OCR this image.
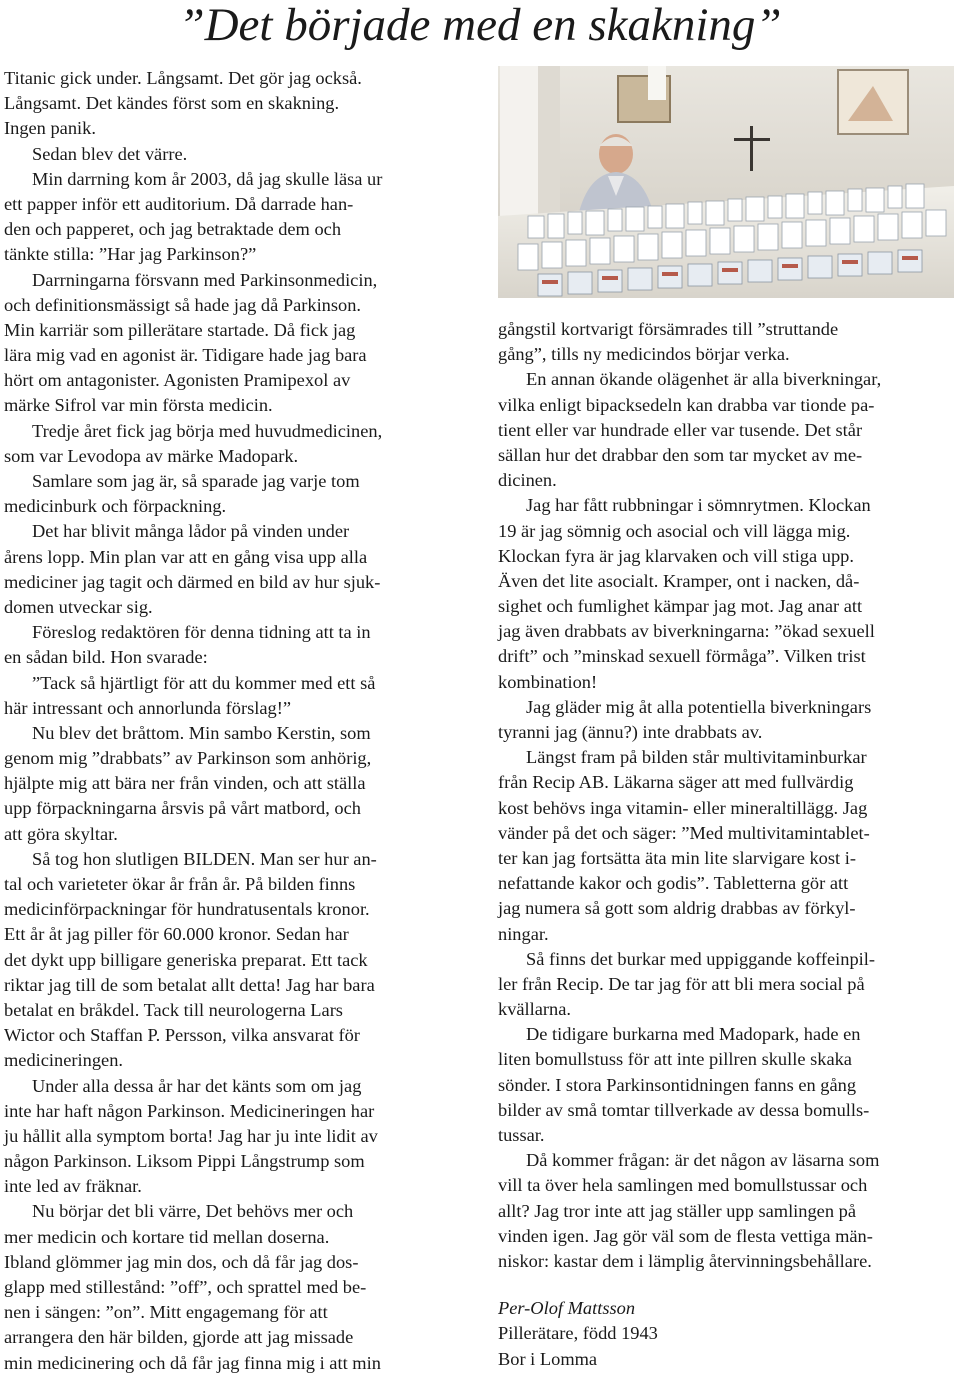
”Det började med en skakning”
Titanic gick under. Långsamt. Det gör jag också.
Långsamt. Det kändes först som en skakning.
Ingen panik.
Sedan blev det värre.
Min darrning kom år 2003, då jag skulle läsa ur
ett papper inför ett auditorium. Då darrade han-
den och papperet, och jag betraktade dem och
tänkte stilla: ”Har jag Parkinson?”
Darrningarna försvann med Parkinsonmedicin,
och definitionsmässigt så hade jag då Parkinson.
Min karriär som pillerätare startade. Då fick jag
lära mig vad en agonist är. Tidigare hade jag bara
hört om antagonister. Agonisten Pramipexol av
märke Sifrol var min första medicin.
Tredje året fick jag börja med huvudmedicinen,
som var Levodopa av märke Madopark.
Samlare som jag är, så sparade jag varje tom
medicinburk och förpackning.
Det har blivit många lådor på vinden under
årens lopp. Min plan var att en gång visa upp alla
mediciner jag tagit och därmed en bild av hur sjuk-
domen utveckar sig.
Föreslog redaktören för denna tidning att ta in
en sådan bild. Hon svarade:
”Tack så hjärtligt för att du kommer med ett så
här intressant och annorlunda förslag!”
Nu blev det bråttom. Min sambo Kerstin, som
genom mig ”drabbats” av Parkinson som anhörig,
hjälpte mig att bära ner från vinden, och att ställa
upp förpackningarna årsvis på vårt matbord, och
att göra skyltar.
Så tog hon slutligen BILDEN. Man ser hur an-
tal och varieteter ökar år från år. På bilden finns
medicinförpackningar för hundratusentals kronor.
Ett år åt jag piller för 60.000 kronor. Sedan har
det dykt upp billigare generiska preparat. Ett tack
riktar jag till de som betalat allt detta! Jag har bara
betalat en bråkdel. Tack till neurologerna Lars
Wictor och Staffan P. Persson, vilka ansvarat för
medicineringen.
Under alla dessa år har det känts som om jag
inte har haft någon Parkinson. Medicineringen har
ju hållit alla symptom borta! Jag har ju inte lidit av
någon Parkinson. Liksom Pippi Långstrump som
inte led av fräknar.
Nu börjar det bli värre, Det behövs mer och
mer medicin och kortare tid mellan doserna.
Ibland glömmer jag min dos, och då får jag dos-
glapp med stillestånd: ”off”, och sprattel med be-
nen i sängen: ”on”. Mitt engagemang för att
arrangera den här bilden, gjorde att jag missade
min medicinering och då får jag finna mig i att min
gångstil kortvarigt försämrades till ”struttande
gång”, tills ny medicindos börjar verka.
En annan ökande olägenhet är alla biverkningar,
vilka enligt bipacksedeln kan drabba var tionde pa-
tient eller var hundrade eller var tusende. Det står
sällan hur det drabbar den som tar mycket av me-
dicinen.
Jag har fått rubbningar i sömnrytmen. Klockan
19 är jag sömnig och asocial och vill lägga mig.
Klockan fyra är jag klarvaken och vill stiga upp.
Även det lite asocialt. Kramper, ont i nacken, då-
sighet och fumlighet kämpar jag mot. Jag anar att
jag även drabbats av biverkningarna: ”ökad sexuell
drift” och ”minskad sexuell förmåga”. Vilken trist
kombination!
Jag gläder mig åt alla potentiella biverkningars
tyranni jag (ännu?) inte drabbats av.
Längst fram på bilden står multivitaminburkar
från Recip AB. Läkarna säger att med fullvärdig
kost behövs inga vitamin- eller mineraltillägg. Jag
vänder på det och säger: ”Med multivitamintablet-
ter kan jag fortsätta äta min lite slarvigare kost i-
nefattande kakor och godis”. Tabletterna gör att
jag numera så gott som aldrig drabbas av förkyl-
ningar.
Så finns det burkar med uppiggande koffeinpil-
ler från Recip. De tar jag för att bli mera social på
kvällarna.
De tidigare burkarna med Madopark, hade en
liten bomullstuss för att inte pillren skulle skaka
sönder. I stora Parkinsontidningen fanns en gång
bilder av små tomtar tillverkade av dessa bomulls-
tussar.
Då kommer frågan: är det någon av läsarna som
vill ta över hela samlingen med bomullstussar och
allt? Jag tror inte att jag ställer upp samlingen på
vinden igen. Jag gör väl som de flesta vettiga män-
niskor: kastar dem i lämplig återvinningsbehållare.
Per-Olof Mattsson
Pillerätare, född 1943
Bor i Lomma
